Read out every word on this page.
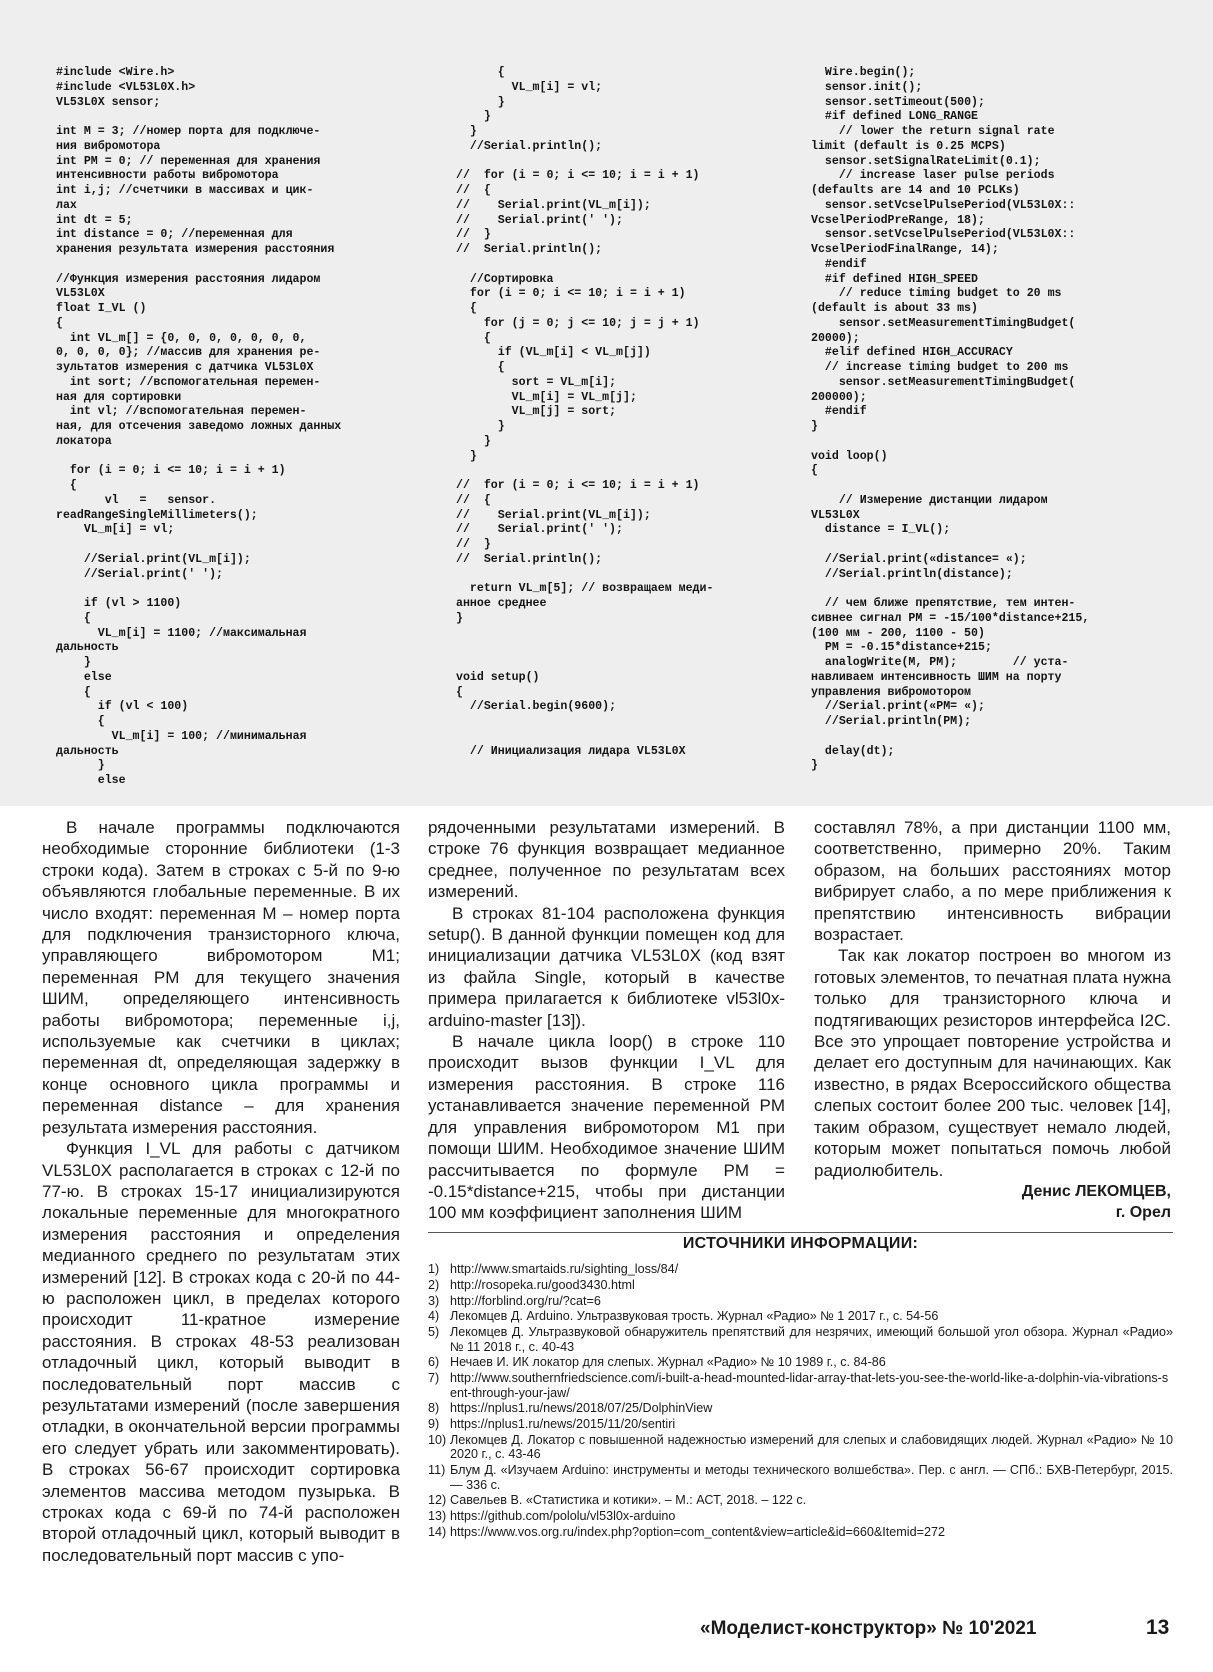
#include <Wire.h>
#include <VL53L0X.h>
VL53L0X sensor;

int M = 3; //номер порта для подключе-
ния вибромотора
int PM = 0; // переменная для хранения
интенсивности работы вибромотора
int i,j; //счетчики в массивах и цик-
лах
int dt = 5;
int distance = 0; //переменная для
хранения результата измерения расстояния

//Функция измерения расстояния лидаром
VL53L0X
float I_VL ()
{
int VL_m[] = {0, 0, 0, 0, 0, 0, 0,
0, 0, 0, 0}; //массив для хранения ре-
зультатов измерения с датчика VL53L0X
int sort; //вспомогательная перемен-
ная для сортировки
int vl; //вспомогательная перемен-
ная, для отсечения заведомо ложных данных
локатора

for (i = 0; i <= 10; i = i + 1)
{
vl   =   sensor.
readRangeSingleMillimeters();
VL_m[i] = vl;

//Serial.print(VL_m[i]);
//Serial.print(' ');

if (vl > 1100)
{
VL_m[i] = 1100; //максимальная
дальность
}
else
{
if (vl < 100)
{
VL_m[i] = 100; //минимальная
дальность
}
else
{
VL_m[i] = vl;
}
}
}
//Serial.println();

//  for (i = 0; i <= 10; i = i + 1)
//  {
//    Serial.print(VL_m[i]);
//    Serial.print(' ');
//  }
//  Serial.println();

//Сортировка
for (i = 0; i <= 10; i = i + 1)
{
for (j = 0; j <= 10; j = j + 1)
{
if (VL_m[i] < VL_m[j])
{
sort = VL_m[i];
VL_m[i] = VL_m[j];
VL_m[j] = sort;
}
}
}

//  for (i = 0; i <= 10; i = i + 1)
//  {
//    Serial.print(VL_m[i]);
//    Serial.print(' ');
//  }
//  Serial.println();

return VL_m[5]; // возвращаем меди-
анное среднее
}

void setup()
{
//Serial.begin(9600);

// Инициализация лидара VL53L0X
Wire.begin();
sensor.init();
sensor.setTimeout(500);
#if defined LONG_RANGE
// lower the return signal rate
limit (default is 0.25 MCPS)
sensor.setSignalRateLimit(0.1);
// increase laser pulse periods
(defaults are 14 and 10 PCLKs)
sensor.setVcselPulsePeriod(VL53L0X::
VcselPeriodPreRange, 18);
sensor.setVcselPulsePeriod(VL53L0X::
VcselPeriodFinalRange, 14);
#endif
#if defined HIGH_SPEED
// reduce timing budget to 20 ms
(default is about 33 ms)
sensor.setMeasurementTimingBudget(
20000);
#elif defined HIGH_ACCURACY
// increase timing budget to 200 ms
sensor.setMeasurementTimingBudget(
200000);
#endif
}

void loop()
{

// Измерение дистанции лидаром
VL53L0X
distance = I_VL();

//Serial.print(«distance= «);
//Serial.println(distance);

// чем ближе препятствие, тем интен-
сивнее сигнал PM = -15/100*distance+215,
(100 мм - 200, 1100 - 50)
PM = -0.15*distance+215;
analogWrite(M, PM);        // уста-
навливаем интенсивность ШИМ на порту
управления вибромотором
//Serial.print(«PM= «);
//Serial.println(PM);

delay(dt);
}

В начале программы подключаются необходимые сторонние библиотеки (1-3 строки кода). Затем в строках с 5-й по 9-ю объявляются глобальные переменные. В их число входят: переменная M – номер порта для подключения транзисторного ключа, управляющего вибромотором M1; переменная PM для текущего значения ШИМ, определяющего интенсивность работы вибромотора; переменные i,j, используемые как счетчики в циклах; переменная dt, определяющая задержку в конце основного цикла программы и переменная distance – для хранения результата измерения расстояния.

Функция I_VL для работы с датчиком VL53L0X располагается в строках с 12-й по 77-ю. В строках 15-17 инициализируются локальные переменные для многократного измерения расстояния и определения медианного среднего по результатам этих измерений [12]. В строках кода с 20-й по 44-ю расположен цикл, в пределах которого происходит 11-кратное измерение расстояния. В строках 48-53 реализован отладочный цикл, который выводит в последовательный порт массив с результатами измерений (после завершения отладки, в окончательной версии программы его следует убрать или закомментировать). В строках 56-67 происходит сортировка элементов массива методом пузырька. В строках кода с 69-й по 74-й расположен второй отладочный цикл, который выводит в последовательный порт массив с упо-

рядоченными результатами измерений. В строке 76 функция возвращает медианное среднее, полученное по результатам всех измерений.

В строках 81-104 расположена функция setup(). В данной функции помещен код для инициализации датчика VL53L0X (код взят из файла Single, который в качестве примера прилагается к библиотеке vl53l0x-arduino-master [13]).

В начале цикла loop() в строке 110 происходит вызов функции I_VL для измерения расстояния. В строке 116 устанавливается значение переменной PM для управления вибромотором M1 при помощи ШИМ. Необходимое значение ШИМ рассчитывается по формуле PM = -0.15*distance+215, чтобы при дистанции 100 мм коэффициент заполнения ШИМ

составлял 78%, а при дистанции 1100 мм, соответственно, примерно 20%. Таким образом, на больших расстояниях мотор вибрирует слабо, а по мере приближения к препятствию интенсивность вибрации возрастает.

Так как локатор построен во многом из готовых элементов, то печатная плата нужна только для транзисторного ключа и подтягивающих резисторов интерфейса I2C. Все это упрощает повторение устройства и делает его доступным для начинающих. Как известно, в рядах Всероссийского общества слепых состоит более 200 тыс. человек [14], таким образом, существует немало людей, которым может попытаться помочь любой радиолюбитель.

Денис ЛЕКОМЦЕВ,

г. Орел

ИСТОЧНИКИ ИНФОРМАЦИИ:
1) http://www.smartaids.ru/sighting_loss/84/
2) http://rosopeka.ru/good3430.html
3) http://forblind.org/ru/?cat=6
4) Лекомцев Д. Arduino. Ультразвуковая трость. Журнал «Радио» № 1 2017 г., с. 54-56
5) Лекомцев Д. Ультразвуковой обнаружитель препятствий для незрячих, имеющий большой угол обзора. Журнал «Радио» № 11 2018 г., с. 40-43
6) Нечаев И. ИК локатор для слепых. Журнал «Радио» № 10 1989 г., с. 84-86
7) http://www.southernfriedscience.com/i-built-a-head-mounted-lidar-array-that-lets-you-see-the-world-like-a-dolphin-via-vibrations-sent-through-your-jaw/
8) https://nplus1.ru/news/2018/07/25/DolphinView
9) https://nplus1.ru/news/2015/11/20/sentiri
10) Лекомцев Д. Локатор с повышенной надежностью измерений для слепых и слабовидящих людей. Журнал «Радио» № 10 2020 г., с. 43-46
11) Блум Д. «Изучаем Arduino: инструменты и методы технического волшебства». Пер. с англ. — СПб.: БХВ-Петербург, 2015. — 336 с.
12) Савельев В. «Статистика и котики». – М.: АСТ, 2018. – 122 с.
13) https://github.com/pololu/vl53l0x-arduino
14) https://www.vos.org.ru/index.php?option=com_content&view=article&id=660&Itemid=272
«Моделист-конструктор» № 10'2021	13
